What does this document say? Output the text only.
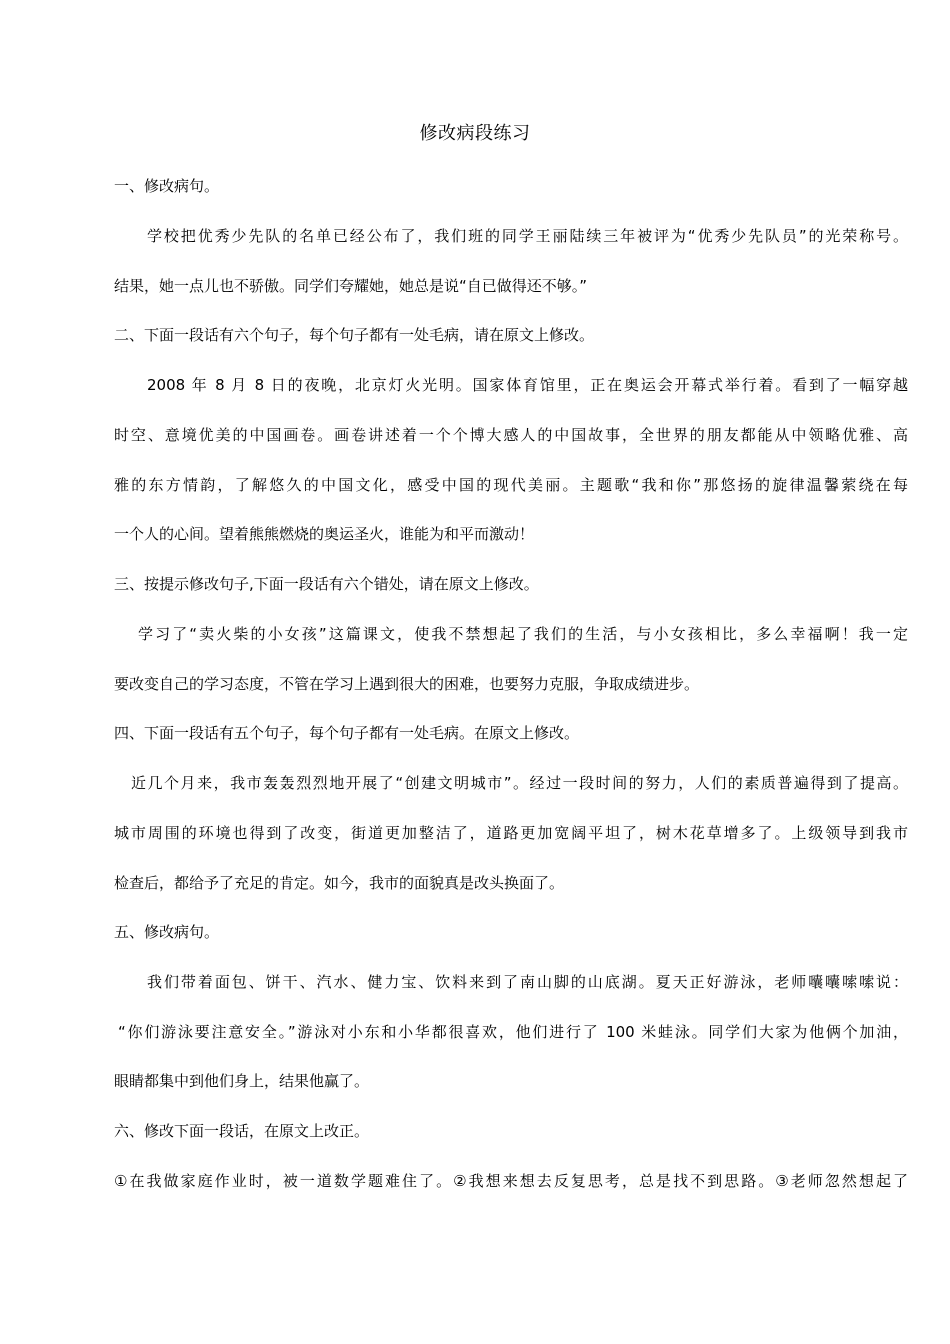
修改病段练习
一、修改病句。
学校把优秀少先队的名单已经公布了，我们班的同学王丽陆续三年被评为“优秀少先队员”的光荣称号。
结果，她一点儿也不骄傲。同学们夸耀她，她总是说“自已做得还不够。”
二、下面一段话有六个句子，每个句子都有一处毛病，请在原文上修改。
2008 年 8 月 8 日的夜晚，北京灯火光明。国家体育馆里，正在奥运会开幕式举行着。看到了一幅穿越
时空、意境优美的中国画卷。画卷讲述着一个个博大感人的中国故事，全世界的朋友都能从中领略优雅、高
雅的东方情韵，了解悠久的中国文化，感受中国的现代美丽。主题歌“我和你”那悠扬的旋律温馨萦绕在每
一个人的心间。望着熊熊燃烧的奥运圣火，谁能为和平而激动！
三、按提示修改句子,下面一段话有六个错处，请在原文上修改。
学习了“卖火柴的小女孩”这篇课文，使我不禁想起了我们的生活，与小女孩相比，多么幸福啊！我一定
要改变自己的学习态度，不管在学习上遇到很大的困难，也要努力克服，争取成绩进步。
四、下面一段话有五个句子，每个句子都有一处毛病。在原文上修改。
近几个月来，我市轰轰烈烈地开展了“创建文明城市”。经过一段时间的努力，人们的素质普遍得到了提高。
城市周围的环境也得到了改变，街道更加整洁了，道路更加宽阔平坦了，树木花草增多了。上级领导到我市
检查后，都给予了充足的肯定。如今，我市的面貌真是改头换面了。
五、修改病句。
我们带着面包、饼干、汽水、健力宝、饮料来到了南山脚的山底湖。夏天正好游泳，老师囔囔嗦嗦说：
“你们游泳要注意安全。”游泳对小东和小华都很喜欢，他们进行了 100 米蛙泳。同学们大家为他俩个加油，
眼睛都集中到他们身上，结果他赢了。
六、修改下面一段话，在原文上改正。
①在我做家庭作业时，被一道数学题难住了。②我想来想去反复思考，总是找不到思路。③老师忽然想起了
